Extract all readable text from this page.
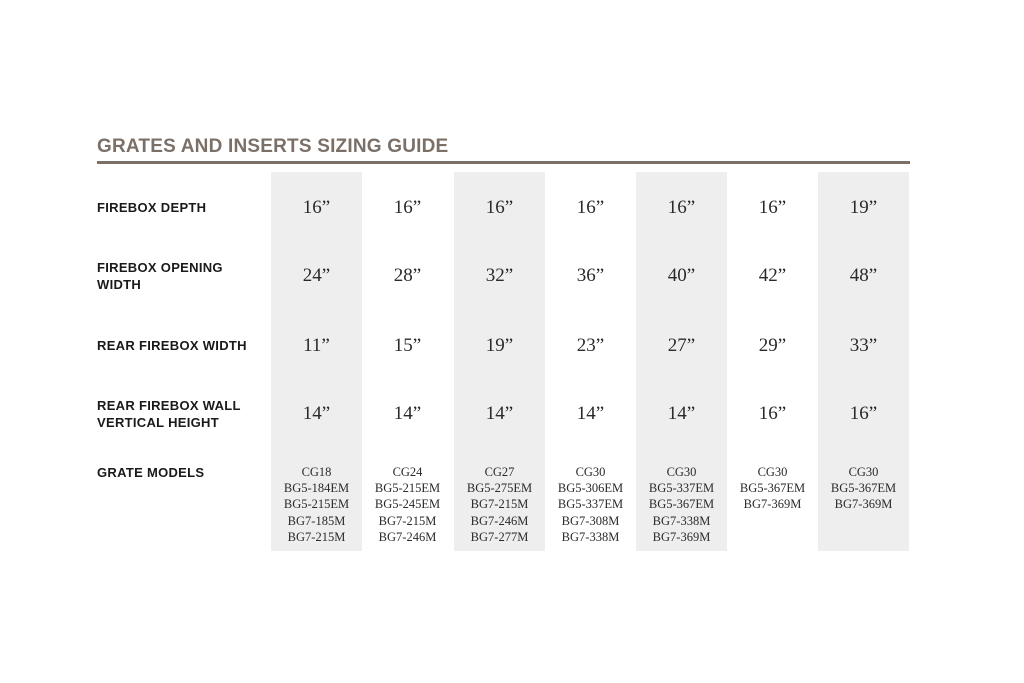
GRATES AND INSERTS SIZING GUIDE
FIREBOX DEPTH
FIREBOX OPENING
WIDTH
REAR FIREBOX WIDTH
REAR FIREBOX WALL
VERTICAL HEIGHT
GRATE MODELS
16”
24”
11”
14”
CG18
BG5-184EM
BG5-215EM
BG7-185M
BG7-215M
16”
28”
15”
14”
CG24
BG5-215EM
BG5-245EM
BG7-215M
BG7-246M
16”
32”
19”
14”
CG27
BG5-275EM
BG7-215M
BG7-246M
BG7-277M
16”
36”
23”
14”
CG30
BG5-306EM
BG5-337EM
BG7-308M
BG7-338M
16”
40”
27”
14”
CG30
BG5-337EM
BG5-367EM
BG7-338M
BG7-369M
16”
42”
29”
16”
CG30
BG5-367EM
BG7-369M
19”
48”
33”
16”
CG30
BG5-367EM
BG7-369M
